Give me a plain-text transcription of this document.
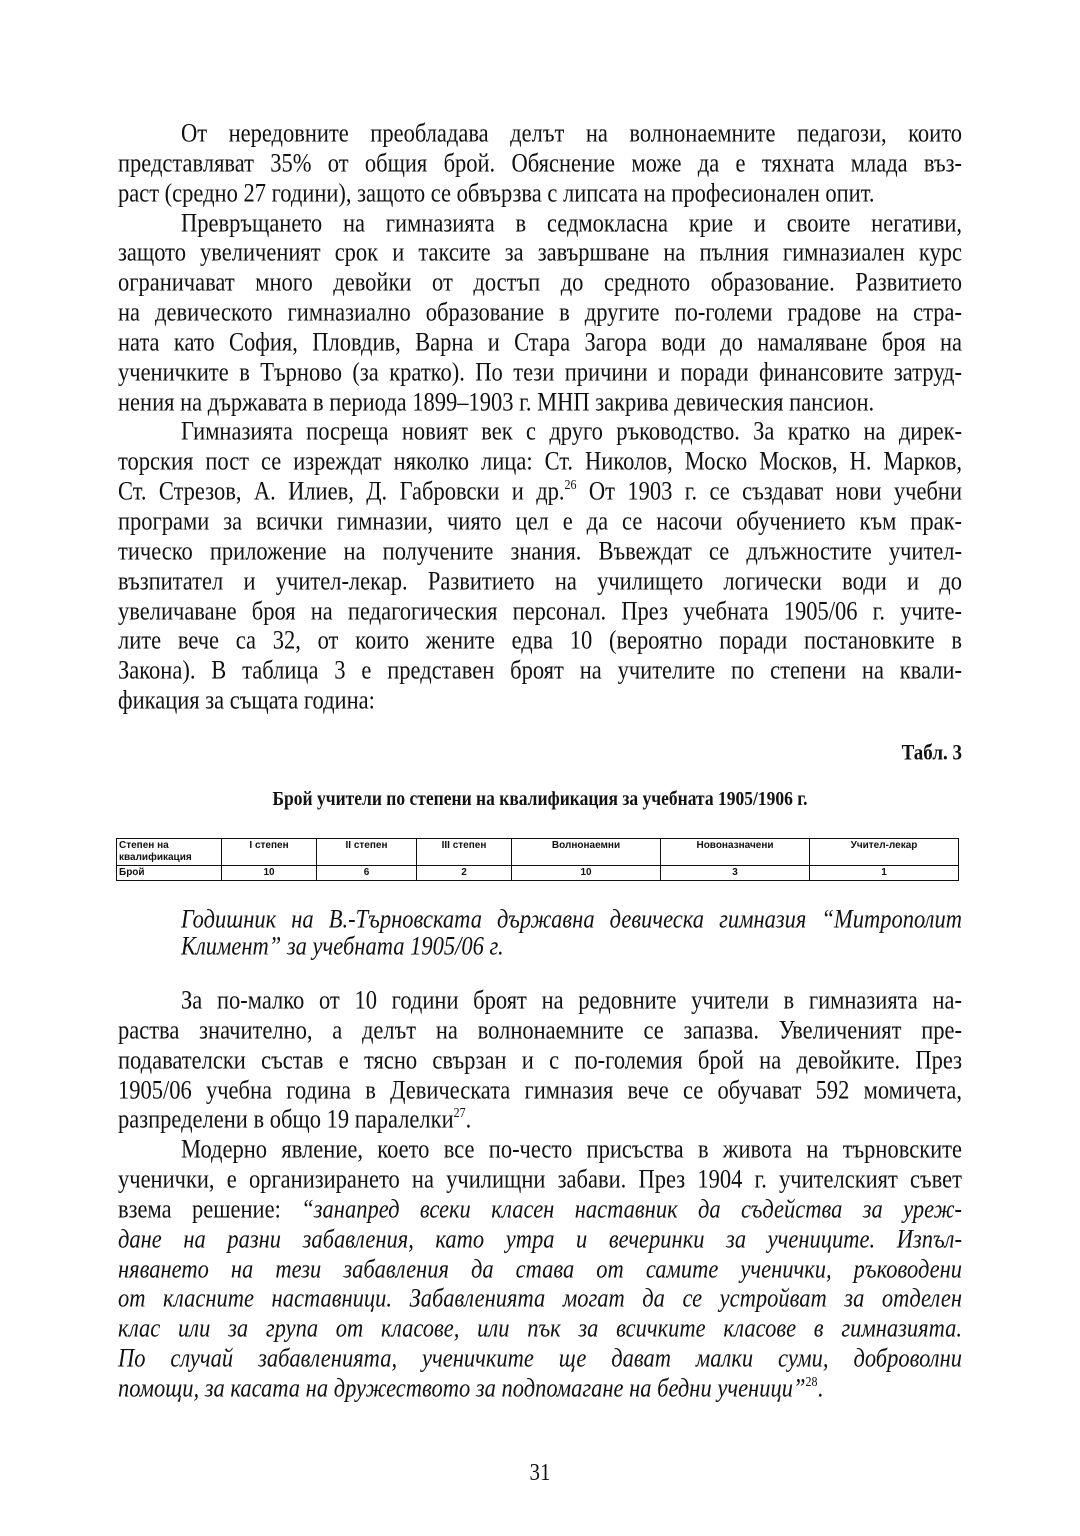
От нередовните преобладава делът на волнонаемните педагози, които
представляват 35% от общия брой. Обяснение може да е тяхната млада въз-
раст (средно 27 години), защото се обвързва с липсата на професионален опит.
Превръщането на гимназията в седмокласна крие и своите негативи,
защото увеличеният срок и таксите за завършване на пълния гимназиален курс
ограничават много девойки от достъп до средното образование. Развитието
на девическото гимназиално образование в другите по-големи градове на стра-
ната като София, Пловдив, Варна и Стара Загора води до намаляване броя на
ученичките в Търново (за кратко). По тези причини и поради финансовите затруд-
нения на държавата в периода 1899–1903 г. МНП закрива девическия пансион.
Гимназията посреща новият век с друго ръководство. За кратко на дирек-
торския пост се изреждат няколко лица: Ст. Николов, Моско Москов, Н. Марков,
Ст. Стрезов, А. Илиев, Д. Габровски и др.$^{26}$ От 1903 г. се създават нови учебни
програми за всички гимназии, чиято цел е да се насочи обучението към прак-
тическо приложение на получените знания. Въвеждат се длъжностите учител-
възпитател и учител-лекар. Развитието на училището логически води и до
увеличаване броя на педагогическия персонал. През учебната 1905/06 г. учите-
лите вече са 32, от които жените едва 10 (вероятно поради постановките в
Закона). В таблица 3 е представен броят на учителите по степени на квали-
фикация за същата година:
Табл. 3
Брой учители по степени на квалификация за учебната 1905/1906 г.
Степен на квалификация	I степен	II степен	III степен	Волнонаемни	Новоназначени	Учител-лекар
Брой	10	6	2	10	3	1
Годишник на В.-Търновската държавна девическа гимназия “Митрополит
Климент” за учебната 1905/06 г.
За по-малко от 10 години броят на редовните учители в гимназията на-
раства значително, а делът на волнонаемните се запазва. Увеличеният пре-
подавателски състав е тясно свързан и с по-големия брой на девойките. През
1905/06 учебна година в Девическата гимназия вече се обучават 592 момичета,
разпределени в общо 19 паралелки$^{27}$.
Модерно явление, което все по-често присъства в живота на търновските
ученички, е организирането на училищни забави. През 1904 г. учителският съвет
взема решение: “занапред всеки класен наставник да съдейства за уреж-
дане на разни забавления, като утра и вечеринки за учениците. Изпъл-
няването на тези забавления да става от самите ученички, ръководени
от класните наставници. Забавленията могат да се устройват за отделен
клас или за група от класове, или пък за всичките класове в гимназията.
По случай забавленията, ученичките ще дават малки суми, доброволни
помощи, за касата на дружеството за подпомагане на бедни ученици”$^{28}$.
31
